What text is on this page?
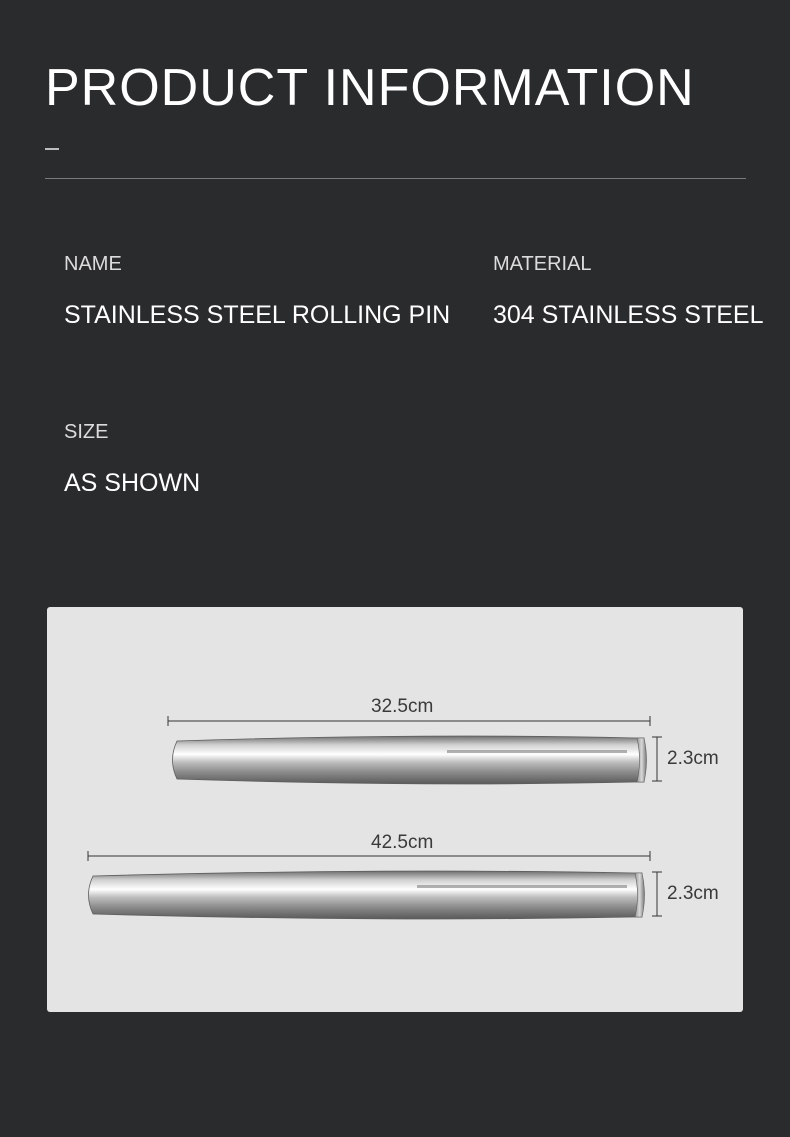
PRODUCT INFORMATION
NAME
STAINLESS STEEL ROLLING PIN
MATERIAL
304 STAINLESS STEEL
SIZE
AS SHOWN
32.5cm
2.3cm
42.5cm
2.3cm
